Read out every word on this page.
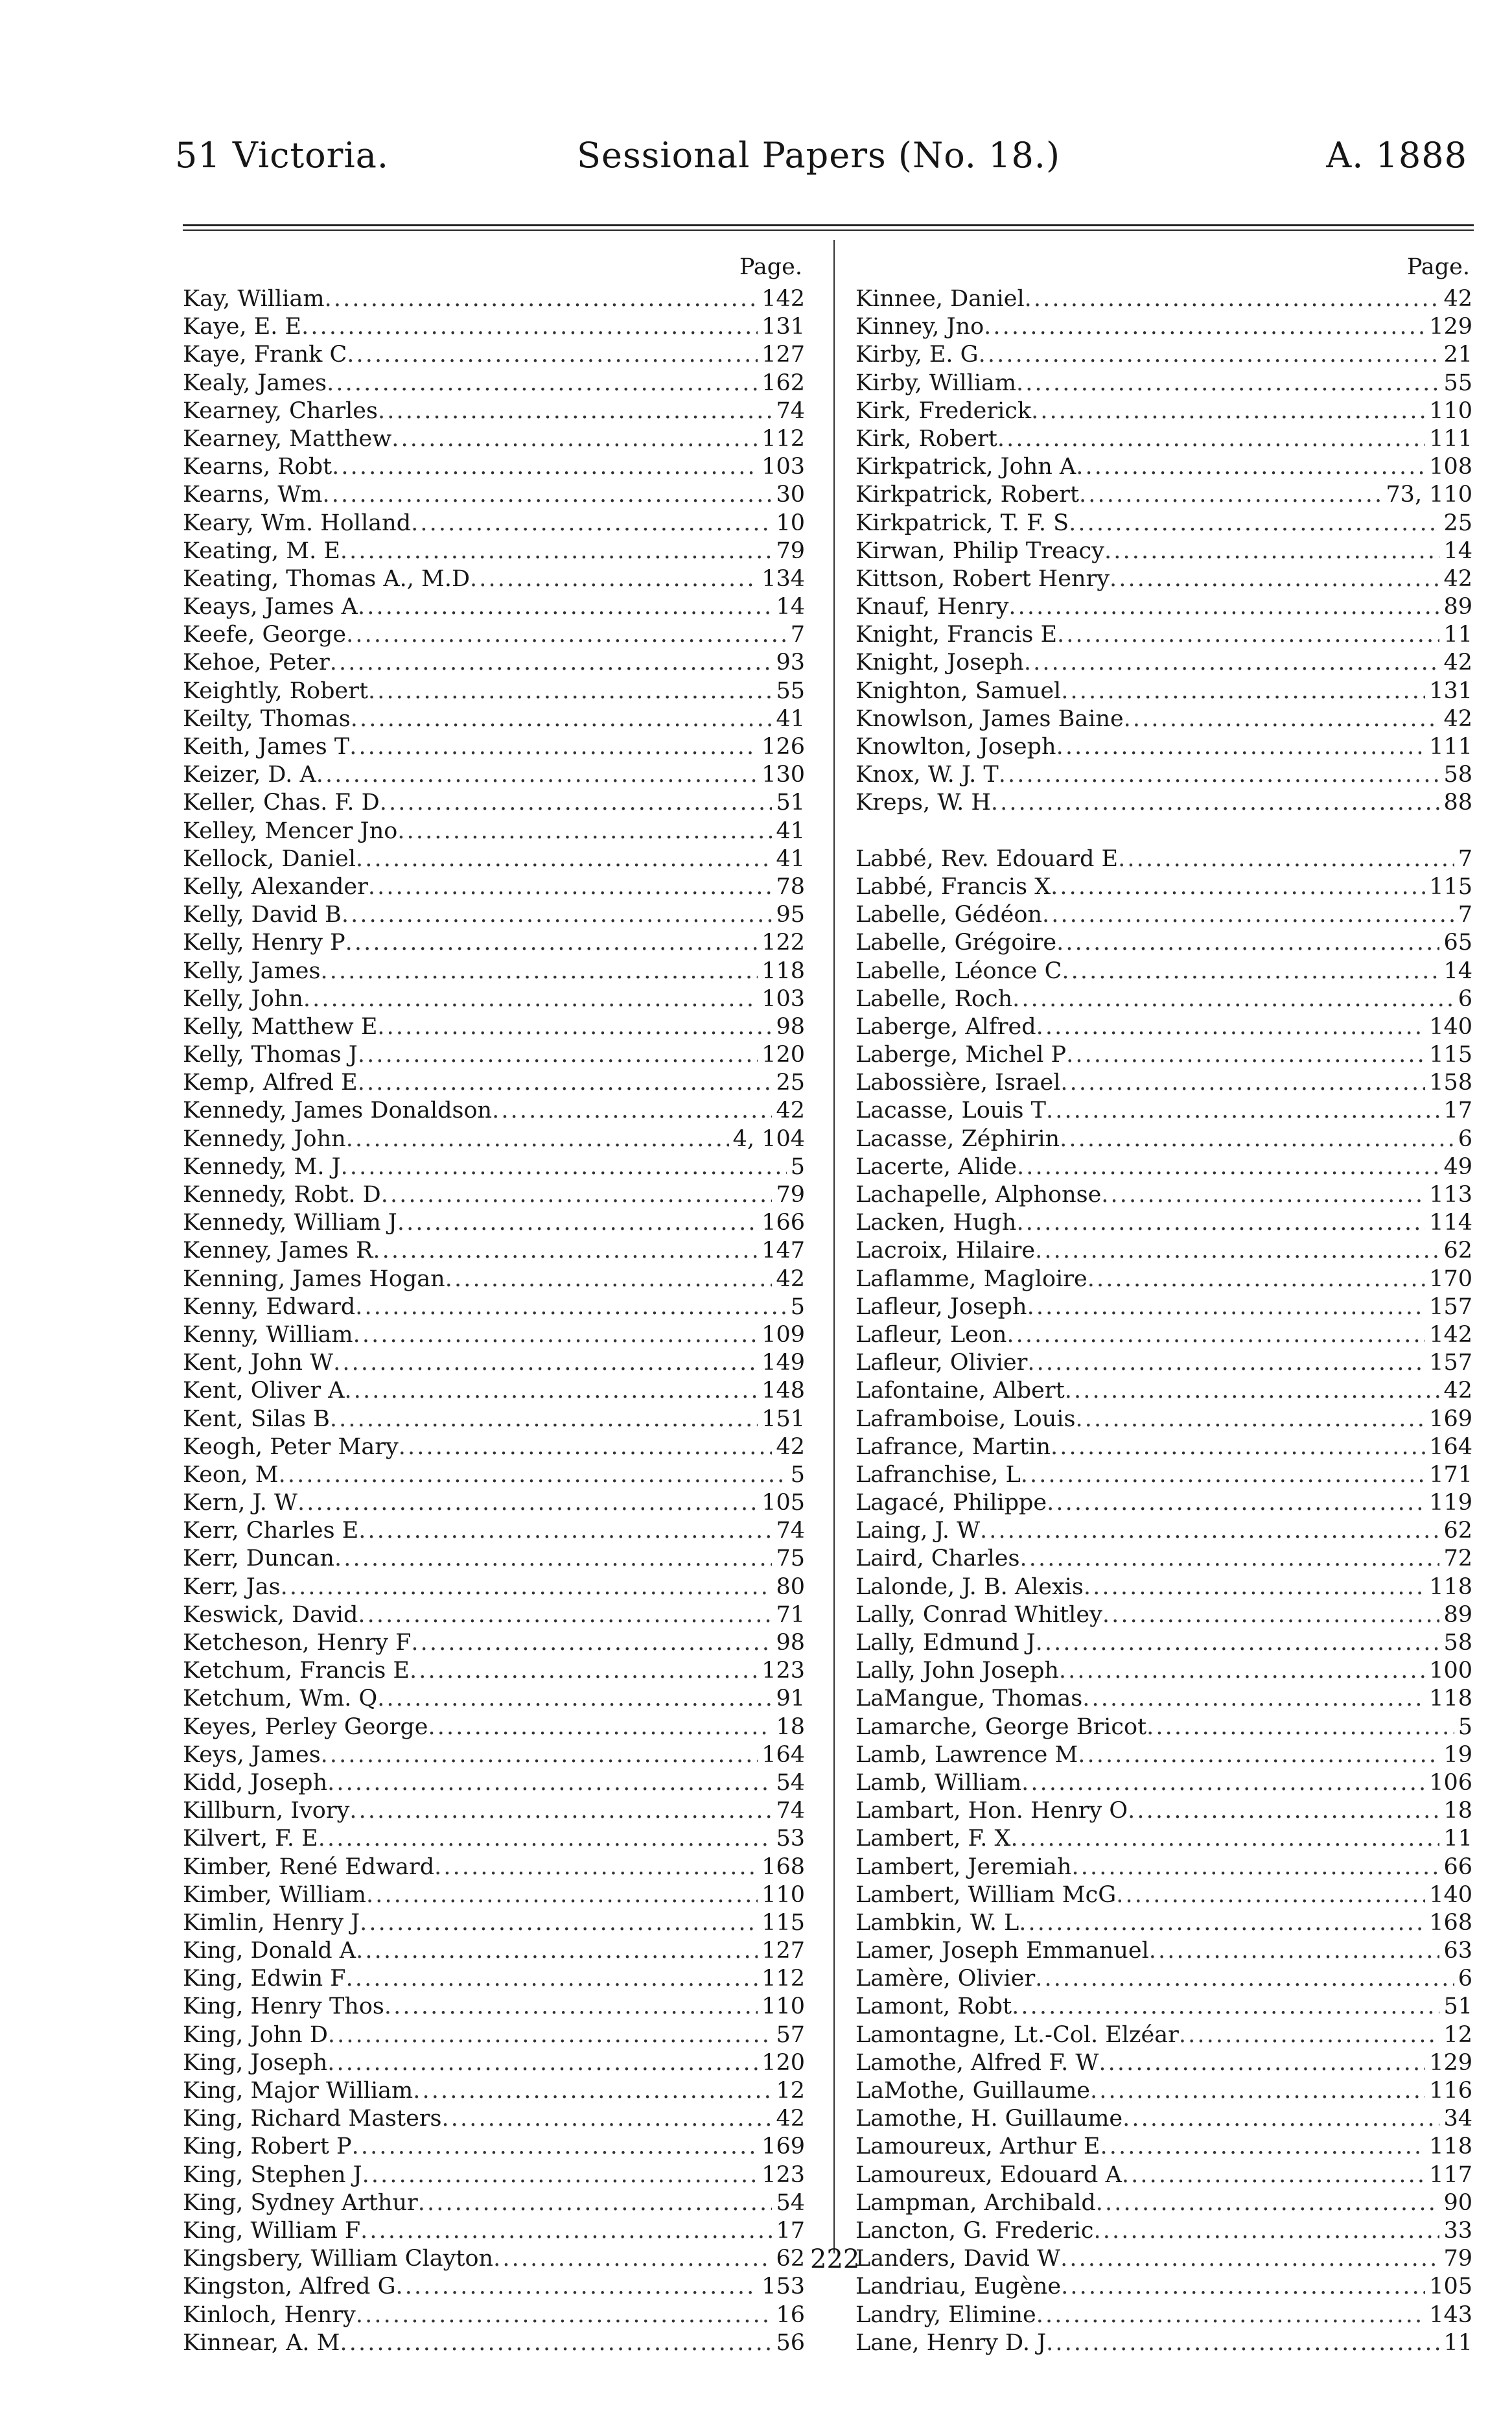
51 Victoria.	Sessional Papers (No. 18.)	A. 1888
Page.
Kay, William . . .	142
Kaye, E. E . . .	131
Kaye, Frank C . . .	127
Kealy, James . . .	162
Kearney, Charles . . .	74
Kearney, Matthew . . .	112
Kearns, Robt . . .	103
Kearns, Wm . . .	30
Keary, Wm. Holland . . .	10
Keating, M. E . . .	79
Keating, Thomas A., M.D . . .	134
Keays, James A . . .	14
Keefe, George . . .	7
Kehoe, Peter . . .	93
Keightly, Robert . . .	55
Keilty, Thomas . . .	41
Keith, James T . . .	126
Keizer, D. A . . .	130
Keller, Chas. F. D . . .	51
Kelley, Mencer Jno . . .	41
Kellock, Daniel . . .	41
Kelly, Alexander . . .	78
Kelly, David B . . .	95
Kelly, Henry P . . .	122
Kelly, James . . .	118
Kelly, John . . .	103
Kelly, Matthew E . . .	98
Kelly, Thomas J . . .	120
Kemp, Alfred E . . .	25
Kennedy, James Donaldson . . .	42
Kennedy, John . . .	4, 104
Kennedy, M. J . . .	5
Kennedy, Robt. D . . .	79
Kennedy, William J . . .	166
Kenney, James R . . .	147
Kenning, James Hogan . . .	42
Kenny, Edward . . .	5
Kenny, William . . .	109
Kent, John W . . .	149
Kent, Oliver A . . .	148
Kent, Silas B . . .	151
Keogh, Peter Mary . . .	42
Keon, M . . .	5
Kern, J. W . . .	105
Kerr, Charles E . . .	74
Kerr, Duncan . . .	75
Kerr, Jas . . .	80
Keswick, David . . .	71
Ketcheson, Henry F . . .	98
Ketchum, Francis E . . .	123
Ketchum, Wm. Q . . .	91
Keyes, Perley George . . .	18
Keys, James . . .	164
Kidd, Joseph . . .	54
Killburn, Ivory . . .	74
Kilvert, F. E . . .	53
Kimber, René Edward . . .	168
Kimber, William . . .	110
Kimlin, Henry J . . .	115
King, Donald A . . .	127
King, Edwin F . . .	112
King, Henry Thos . . .	110
King, John D . . .	57
King, Joseph . . .	120
King, Major William . . .	12
King, Richard Masters . . .	42
King, Robert P . . .	169
King, Stephen J . . .	123
King, Sydney Arthur . . .	54
King, William F . . .	17
Kingsbery, William Clayton . . .	62
Kingston, Alfred G . . .	153
Kinloch, Henry . . .	16
Kinnear, A. M . . .	56
Page.
Kinnee, Daniel . . .	42
Kinney, Jno . . .	129
Kirby, E. G . . .	21
Kirby, William . . .	55
Kirk, Frederick . . .	110
Kirk, Robert . . .	111
Kirkpatrick, John A . . .	108
Kirkpatrick, Robert . . .	73, 110
Kirkpatrick, T. F. S . . .	25
Kirwan, Philip Treacy . . .	14
Kittson, Robert Henry . . .	42
Knauf, Henry . . .	89
Knight, Francis E . . .	11
Knight, Joseph . . .	42
Knighton, Samuel . . .	131
Knowlson, James Baine . . .	42
Knowlton, Joseph . . .	111
Knox, W. J. T . . .	58
Kreps, W. H . . .	88
Labbé, Rev. Edouard E . . .	7
Labbé, Francis X . . .	115
Labelle, Gédéon . . .	7
Labelle, Grégoire . . .	65
Labelle, Léonce C . . .	14
Labelle, Roch . . .	6
Laberge, Alfred . . .	140
Laberge, Michel P . . .	115
Labossière, Israel . . .	158
Lacasse, Louis T . . .	17
Lacasse, Zéphirin . . .	6
Lacerte, Alide . . .	49
Lachapelle, Alphonse . . .	113
Lacken, Hugh . . .	114
Lacroix, Hilaire . . .	62
Laflamme, Magloire . . .	170
Lafleur, Joseph . . .	157
Lafleur, Leon . . .	142
Lafleur, Olivier . . .	157
Lafontaine, Albert . . .	42
Laframboise, Louis . . .	169
Lafrance, Martin . . .	164
Lafranchise, L . . .	171
Lagacé, Philippe . . .	119
Laing, J. W . . .	62
Laird, Charles . . .	72
Lalonde, J. B. Alexis . . .	118
Lally, Conrad Whitley . . .	89
Lally, Edmund J . . .	58
Lally, John Joseph . . .	100
LaMangue, Thomas . . .	118
Lamarche, George Bricot . . .	5
Lamb, Lawrence M . . .	19
Lamb, William . . .	106
Lambart, Hon. Henry O . . .	18
Lambert, F. X . . .	11
Lambert, Jeremiah . . .	66
Lambert, William McG . . .	140
Lambkin, W. L . . .	168
Lamer, Joseph Emmanuel . . .	63
Lamère, Olivier . . .	6
Lamont, Robt . . .	51
Lamontagne, Lt.-Col. Elzéar . . .	12
Lamothe, Alfred F. W . . .	129
LaMothe, Guillaume . . .	116
Lamothe, H. Guillaume . . .	34
Lamoureux, Arthur E . . .	118
Lamoureux, Edouard A . . .	117
Lampman, Archibald . . .	90
Lancton, G. Frederic . . .	33
Landers, David W . . .	79
Landriau, Eugène . . .	105
Landry, Elimine . . .	143
Lane, Henry D. J . . .	11
222
